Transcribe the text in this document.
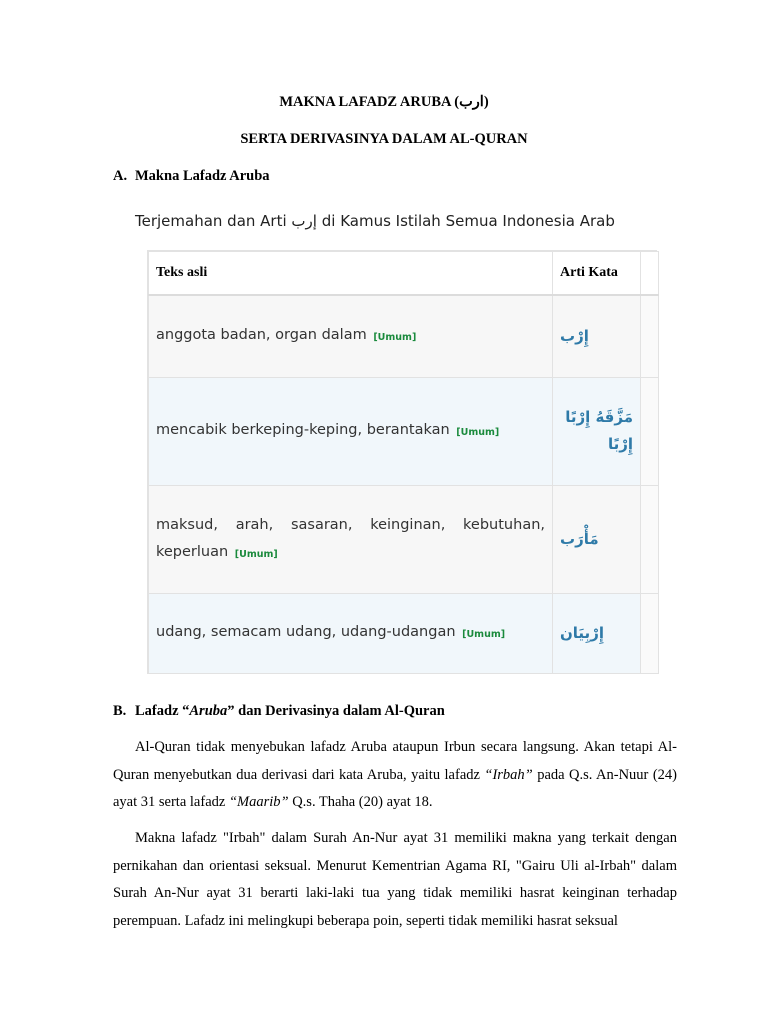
MAKNA LAFADZ ARUBA (ارب)
SERTA DERIVASINYA DALAM AL-QURAN
A. Makna Lafadz Aruba
Terjemahan dan Arti إرب di Kamus Istilah Semua Indonesia Arab
Teks asli	Arti Kata	
anggota badan, organ dalam [Umum]	إِرْب	
mencabik berkeping-keping, berantakan [Umum]	مَزَّقَهُ إِرْبًا إِرْبًا	
maksud, arah, sasaran, keinginan, kebutuhan, keperluan [Umum]	مَأْرَب	
udang, semacam udang, udang-udangan [Umum]	إِرْبِيَان	
B. Lafadz “Aruba” dan Derivasinya dalam Al-Quran
Al-Quran tidak menyebukan lafadz Aruba ataupun Irbun secara langsung. Akan tetapi Al-Quran menyebutkan dua derivasi dari kata Aruba, yaitu lafadz “Irbah” pada Q.s. An-Nuur (24) ayat 31 serta lafadz “Maarib” Q.s. Thaha (20) ayat 18.
Makna lafadz "Irbah" dalam Surah An-Nur ayat 31 memiliki makna yang terkait dengan pernikahan dan orientasi seksual. Menurut Kementrian Agama RI, "Gairu Uli al-Irbah" dalam Surah An-Nur ayat 31 berarti laki-laki tua yang tidak memiliki hasrat keinginan terhadap perempuan. Lafadz ini melingkupi beberapa poin, seperti tidak memiliki hasrat seksual
